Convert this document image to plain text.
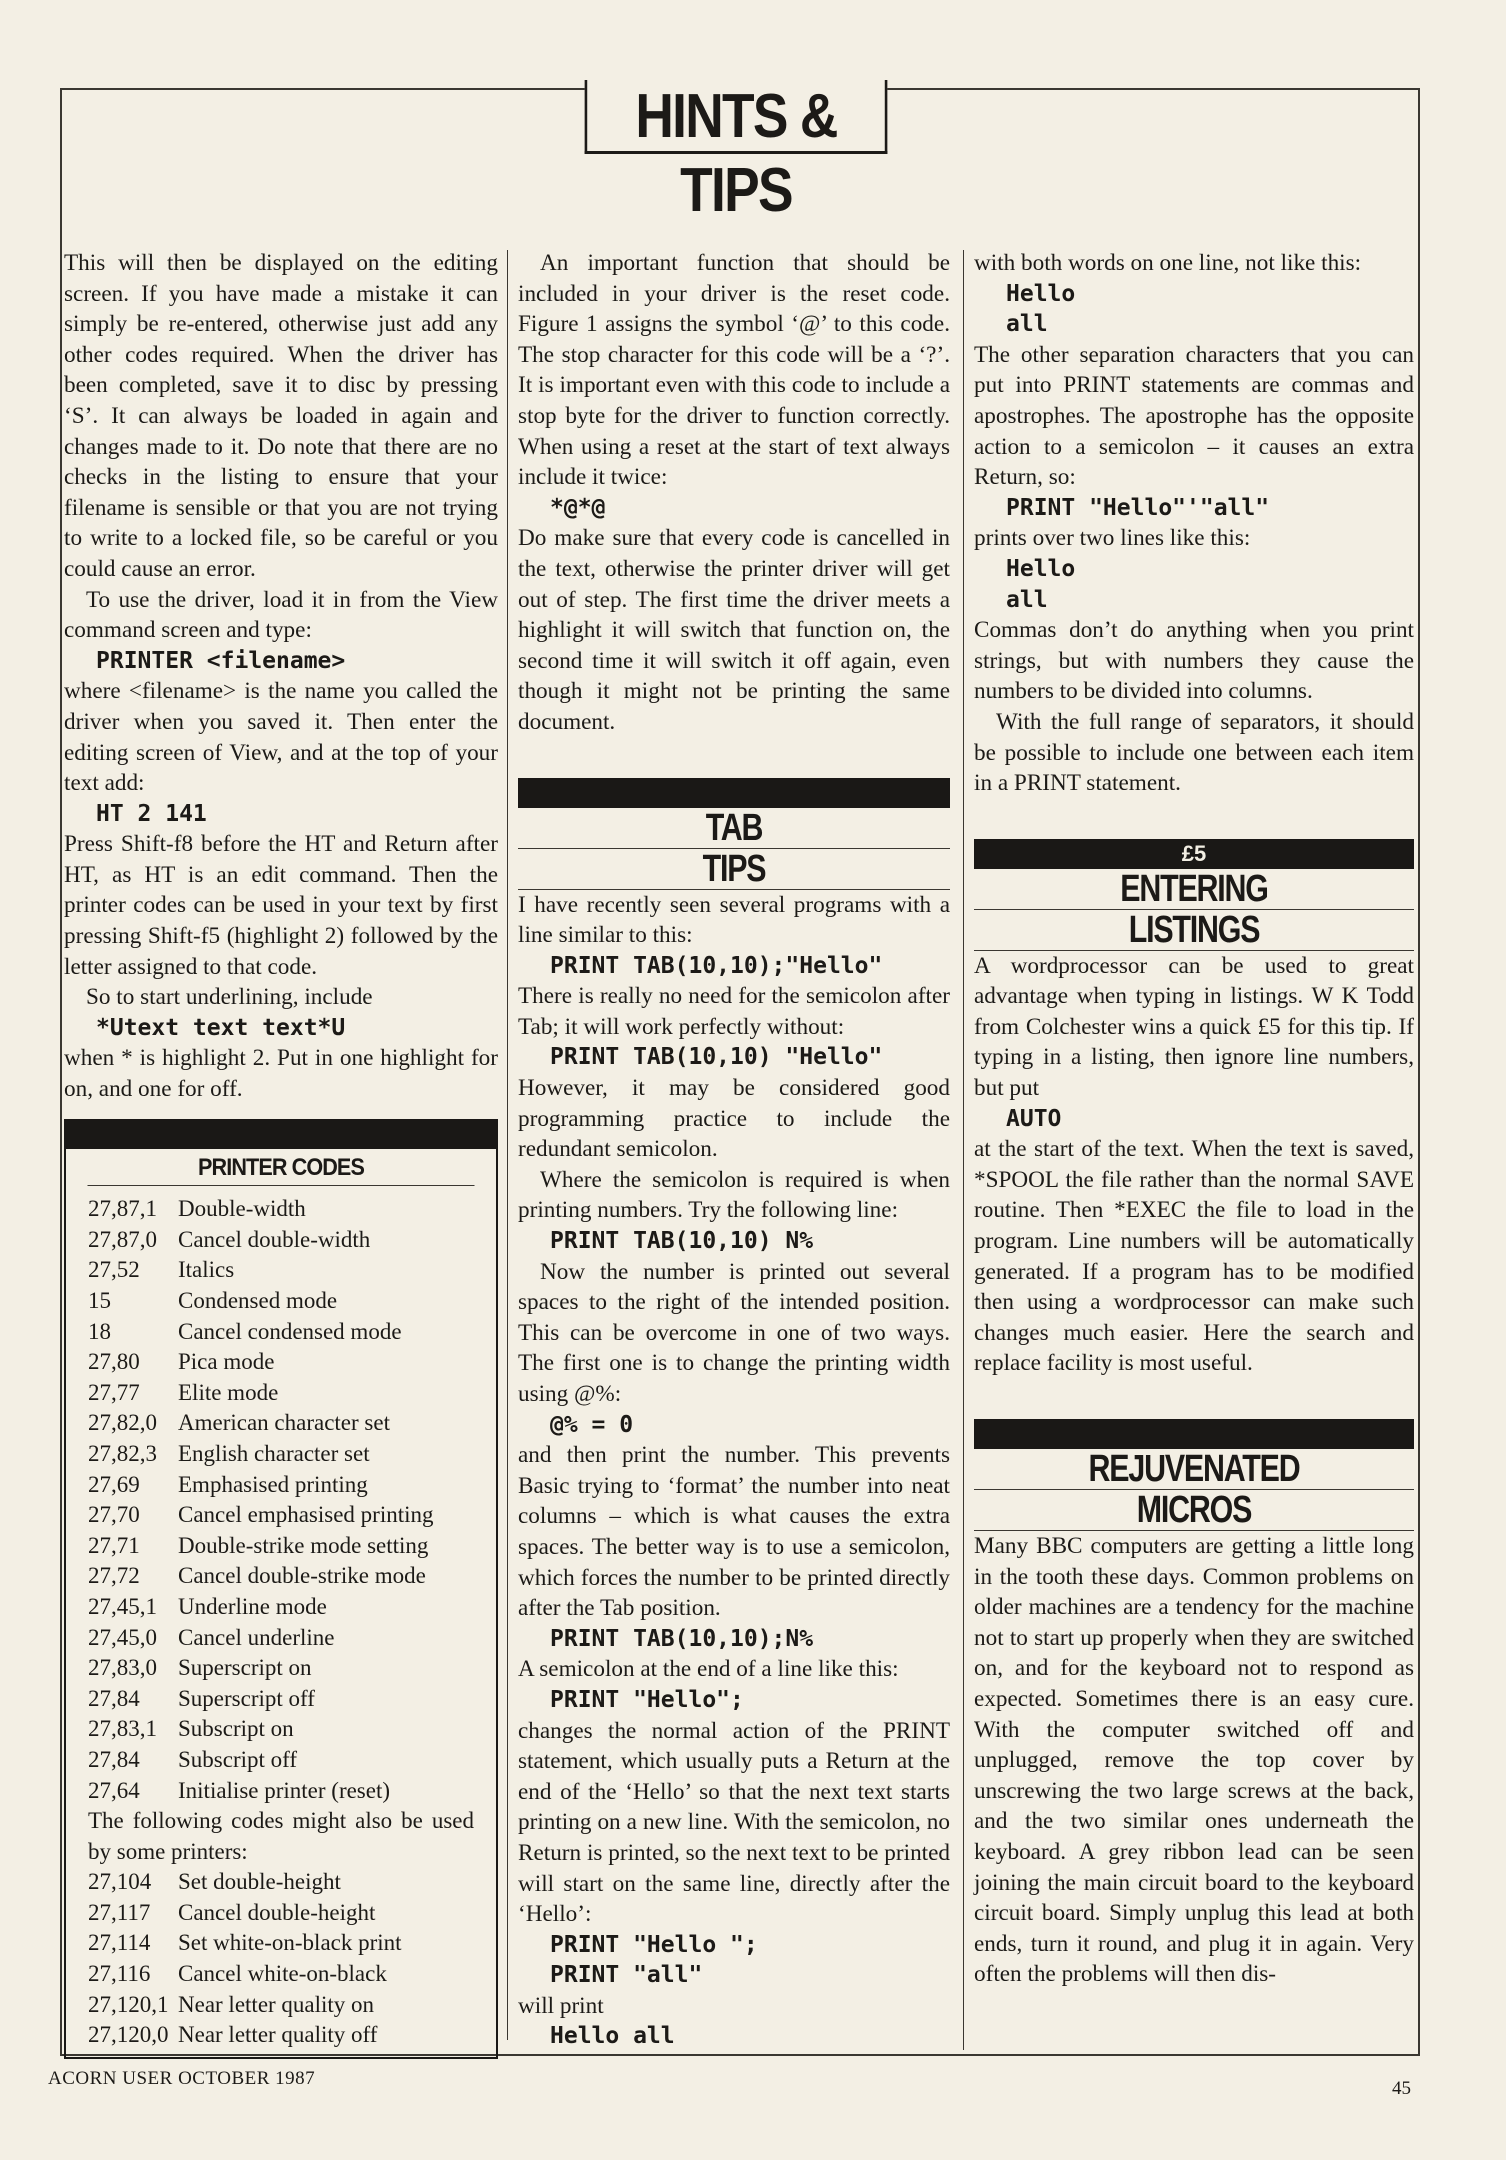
HINTS & TIPS

This will then be displayed on the editing screen. If you have made a mistake it can simply be re-entered, otherwise just add any other codes required. When the driver has been completed, save it to disc by pressing ‘S’. It can always be loaded in again and changes made to it. Do note that there are no checks in the listing to ensure that your filename is sensible or that you are not trying to write to a locked file, so be careful or you could cause an error.

To use the driver, load it in from the View command screen and type:

PRINTER <filename>

where <filename> is the name you called the driver when you saved it. Then enter the editing screen of View, and at the top of your text add:

HT 2 141

Press Shift-f8 before the HT and Return after HT, as HT is an edit command. Then the printer codes can be used in your text by first pressing Shift-f5 (highlight 2) followed by the letter assigned to that code.

So to start underlining, include

*Utext text text*U

when * is highlight 2. Put in one highlight for on, and one for off.

PRINTER CODES
27,87,1 Double-width
27,87,0 Cancel double-width
27,52	Italics
15	Condensed mode
18	Cancel condensed mode
27,80	Pica mode
27,77	Elite mode
27,82,0 American character set
27,82,3 English character set
27,69	Emphasised printing
27,70	Cancel emphasised printing
27,71	Double-strike mode setting
27,72	Cancel double-strike mode
27,45,1 Underline mode
27,45,0 Cancel underline
27,83,0 Superscript on
27,84	Superscript off
27,83,1 Subscript on
27,84	Subscript off
27,64	Initialise printer (reset)
The following codes might also be used by some printers:
27,104	Set double-height
27,117	Cancel double-height
27,114	Set white-on-black print
27,116	Cancel white-on-black
27,120,1 Near letter quality on
27,120,0 Near letter quality off

An important function that should be included in your driver is the reset code. Figure 1 assigns the symbol ‘@’ to this code. The stop character for this code will be a ‘?’. It is important even with this code to include a stop byte for the driver to function correctly. When using a reset at the start of text always include it twice:

*@*@

Do make sure that every code is cancelled in the text, otherwise the printer driver will get out of step. The first time the driver meets a highlight it will switch that function on, the second time it will switch it off again, even though it might not be printing the same document.

TAB
TIPS

I have recently seen several programs with a line similar to this:

PRINT TAB(10,10);"Hello"

There is really no need for the semicolon after Tab; it will work perfectly without:

PRINT TAB(10,10) "Hello"

However, it may be considered good programming practice to include the redundant semicolon.

Where the semicolon is required is when printing numbers. Try the following line:

PRINT TAB(10,10) N%

Now the number is printed out several spaces to the right of the intended position. This can be overcome in one of two ways. The first one is to change the printing width using @%:

@% = 0

and then print the number. This prevents Basic trying to ‘format’ the number into neat columns – which is what causes the extra spaces. The better way is to use a semicolon, which forces the number to be printed directly after the Tab position.

PRINT TAB(10,10);N%

A semicolon at the end of a line like this:

PRINT "Hello";

changes the normal action of the PRINT statement, which usually puts a Return at the end of the ‘Hello’ so that the next text starts printing on a new line. With the semicolon, no Return is printed, so the next text to be printed will start on the same line, directly after the ‘Hello’:

PRINT "Hello ";
PRINT "all"

will print

Hello all

with both words on one line, not like this:

Hello
all

The other separation characters that you can put into PRINT statements are commas and apostrophes. The apostrophe has the opposite action to a semicolon – it causes an extra Return, so:

PRINT "Hello"'"all"

prints over two lines like this:

Hello
all

Commas don’t do anything when you print strings, but with numbers they cause the numbers to be divided into columns.

With the full range of separators, it should be possible to include one between each item in a PRINT statement.

£5
ENTERING
LISTINGS

A wordprocessor can be used to great advantage when typing in listings. W K Todd from Colchester wins a quick £5 for this tip. If typing in a listing, then ignore line numbers, but put

AUTO

at the start of the text. When the text is saved, *SPOOL the file rather than the normal SAVE routine. Then *EXEC the file to load in the program. Line numbers will be automatically generated. If a program has to be modified then using a wordprocessor can make such changes much easier. Here the search and replace facility is most useful.

REJUVENATED
MICROS

Many BBC computers are getting a little long in the tooth these days. Common problems on older machines are a tendency for the machine not to start up properly when they are switched on, and for the keyboard not to respond as expected. Sometimes there is an easy cure. With the computer switched off and unplugged, remove the top cover by unscrewing the two large screws at the back, and the two similar ones underneath the keyboard. A grey ribbon lead can be seen joining the main circuit board to the keyboard circuit board. Simply unplug this lead at both ends, turn it round, and plug it in again. Very often the problems will then dis-

ACORN USER OCTOBER 1987	45
